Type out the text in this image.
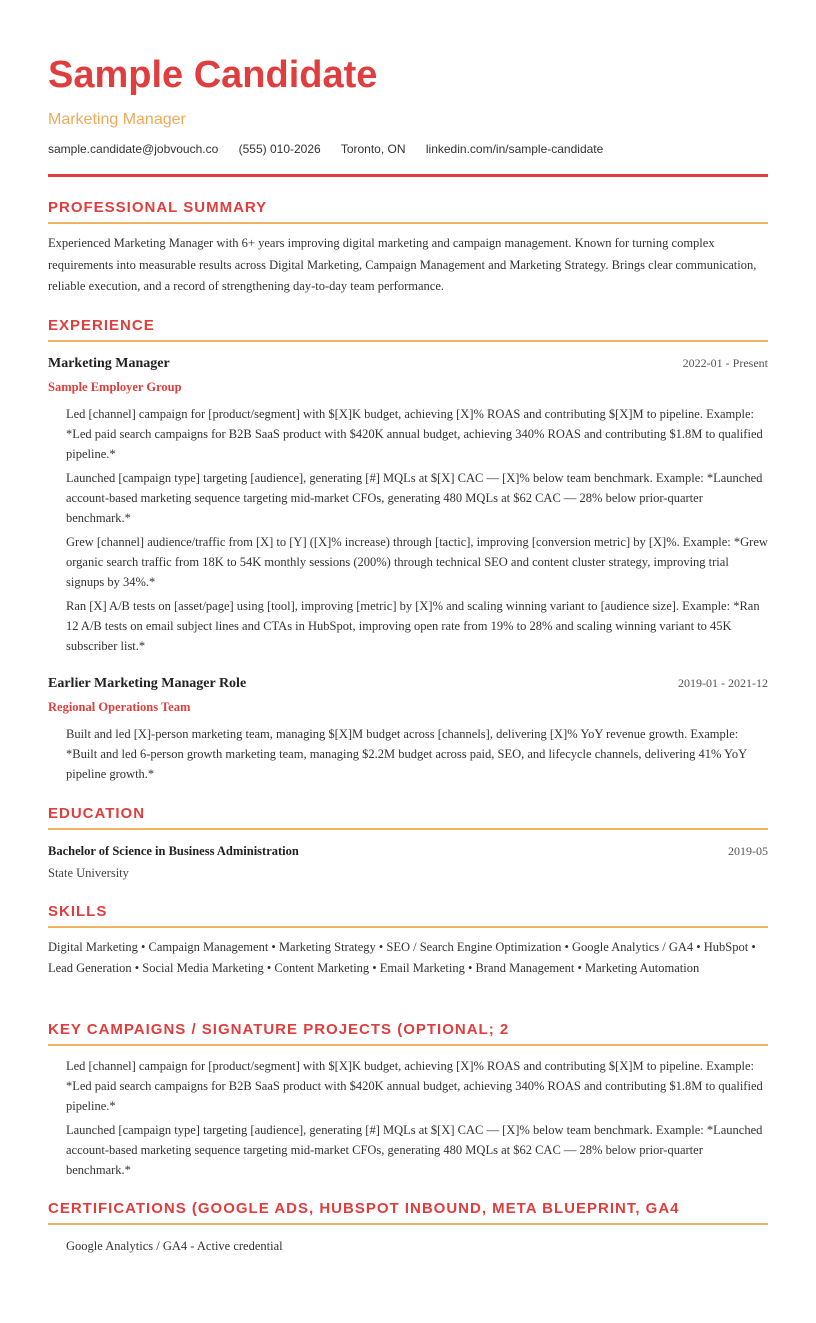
Sample Candidate
Marketing Manager
sample.candidate@jobvouch.co (555) 010-2026 Toronto, ON linkedin.com/in/sample-candidate
PROFESSIONAL SUMMARY
Experienced Marketing Manager with 6+ years improving digital marketing and campaign management. Known for turning complex requirements into measurable results across Digital Marketing, Campaign Management and Marketing Strategy. Brings clear communication, reliable execution, and a record of strengthening day-to-day team performance.
EXPERIENCE
Marketing Manager	2022-01 - Present
Sample Employer Group
Led [channel] campaign for [product/segment] with $[X]K budget, achieving [X]% ROAS and contributing $[X]M to pipeline. Example: *Led paid search campaigns for B2B SaaS product with $420K annual budget, achieving 340% ROAS and contributing $1.8M to qualified pipeline.*
Launched [campaign type] targeting [audience], generating [#] MQLs at $[X] CAC — [X]% below team benchmark. Example: *Launched account-based marketing sequence targeting mid-market CFOs, generating 480 MQLs at $62 CAC — 28% below prior-quarter benchmark.*
Grew [channel] audience/traffic from [X] to [Y] ([X]% increase) through [tactic], improving [conversion metric] by [X]%. Example: *Grew organic search traffic from 18K to 54K monthly sessions (200%) through technical SEO and content cluster strategy, improving trial signups by 34%.*
Ran [X] A/B tests on [asset/page] using [tool], improving [metric] by [X]% and scaling winning variant to [audience size]. Example: *Ran 12 A/B tests on email subject lines and CTAs in HubSpot, improving open rate from 19% to 28% and scaling winning variant to 45K subscriber list.*
Earlier Marketing Manager Role	2019-01 - 2021-12
Regional Operations Team
Built and led [X]-person marketing team, managing $[X]M budget across [channels], delivering [X]% YoY revenue growth. Example: *Built and led 6-person growth marketing team, managing $2.2M budget across paid, SEO, and lifecycle channels, delivering 41% YoY pipeline growth.*
EDUCATION
Bachelor of Science in Business Administration	2019-05
State University
SKILLS
Digital Marketing • Campaign Management • Marketing Strategy • SEO / Search Engine Optimization • Google Analytics / GA4 • HubSpot • Lead Generation • Social Media Marketing • Content Marketing • Email Marketing • Brand Management • Marketing Automation
KEY CAMPAIGNS / SIGNATURE PROJECTS (OPTIONAL; 2
Led [channel] campaign for [product/segment] with $[X]K budget, achieving [X]% ROAS and contributing $[X]M to pipeline. Example: *Led paid search campaigns for B2B SaaS product with $420K annual budget, achieving 340% ROAS and contributing $1.8M to qualified pipeline.*
Launched [campaign type] targeting [audience], generating [#] MQLs at $[X] CAC — [X]% below team benchmark. Example: *Launched account-based marketing sequence targeting mid-market CFOs, generating 480 MQLs at $62 CAC — 28% below prior-quarter benchmark.*
CERTIFICATIONS (GOOGLE ADS, HUBSPOT INBOUND, META BLUEPRINT, GA4
Google Analytics / GA4 - Active credential
